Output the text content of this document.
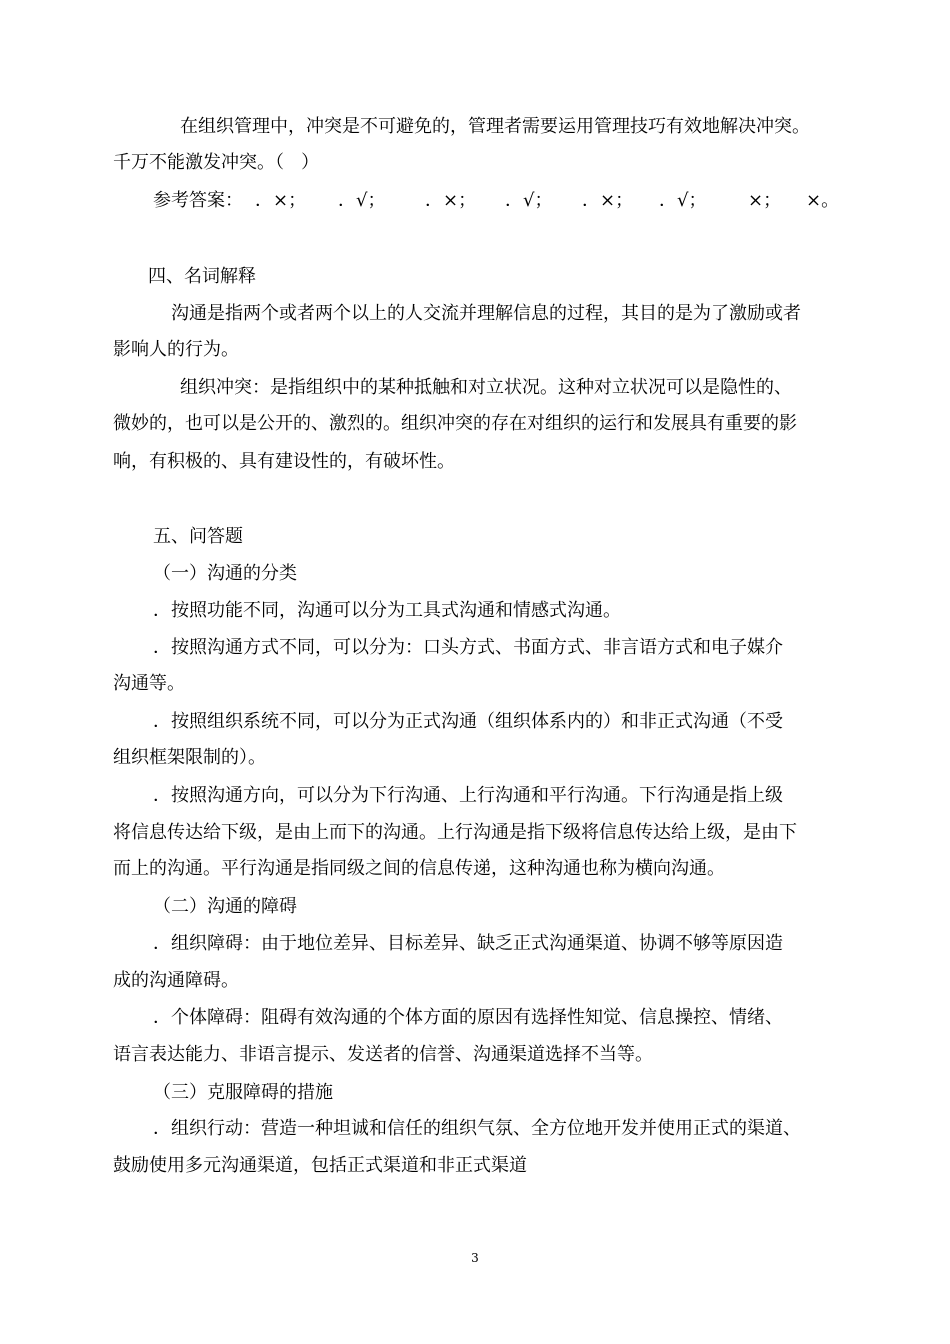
在组织管理中，冲突是不可避免的，管理者需要运用管理技巧有效地解决冲突。
千万不能激发冲突。（   ）
参考答案： ．×； ．√； ．×； ．√； ．×； ．√； ×； ×。
四、名词解释
沟通是指两个或者两个以上的人交流并理解信息的过程，其目的是为了激励或者
影响人的行为。
组织冲突：是指组织中的某种抵触和对立状况。这种对立状况可以是隐性的、
微妙的，也可以是公开的、激烈的。组织冲突的存在对组织的运行和发展具有重要的影
响，有积极的、具有建设性的，有破坏性。
五、问答题
（一）沟通的分类
．按照功能不同，沟通可以分为工具式沟通和情感式沟通。
．按照沟通方式不同，可以分为：口头方式、书面方式、非言语方式和电子媒介
沟通等。
．按照组织系统不同，可以分为正式沟通（组织体系内的）和非正式沟通（不受
组织框架限制的）。
．按照沟通方向，可以分为下行沟通、上行沟通和平行沟通。下行沟通是指上级
将信息传达给下级，是由上而下的沟通。上行沟通是指下级将信息传达给上级，是由下
而上的沟通。平行沟通是指同级之间的信息传递，这种沟通也称为横向沟通。
（二）沟通的障碍
．组织障碍：由于地位差异、目标差异、缺乏正式沟通渠道、协调不够等原因造
成的沟通障碍。
．个体障碍：阻碍有效沟通的个体方面的原因有选择性知觉、信息操控、情绪、
语言表达能力、非语言提示、发送者的信誉、沟通渠道选择不当等。
（三）克服障碍的措施
．组织行动：营造一种坦诚和信任的组织气氛、全方位地开发并使用正式的渠道、
鼓励使用多元沟通渠道，包括正式渠道和非正式渠道
3
